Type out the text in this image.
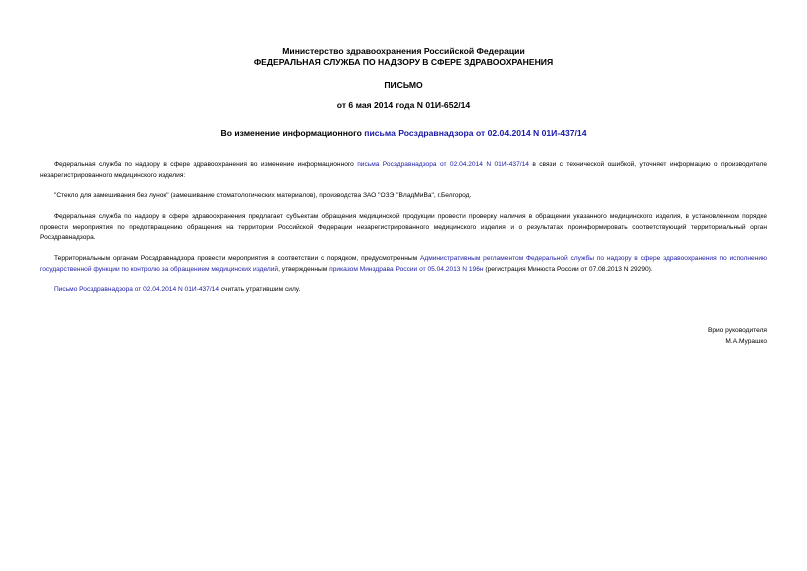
Министерство здравоохранения Российской Федерации
ФЕДЕРАЛЬНАЯ СЛУЖБА ПО НАДЗОРУ В СФЕРЕ ЗДРАВООХРАНЕНИЯ
ПИСЬМО
от 6 мая 2014 года N 01И-652/14
Во изменение информационного письма Росздравнадзора от 02.04.2014 N 01И-437/14

Федеральная служба по надзору в сфере здравоохранения во изменение информационного письма Росздравнадзора от 02.04.2014 N 01И-437/14 в связи с технической ошибкой, уточняет информацию о производителе незарегистрированного медицинского изделия:

"Стекло для замешивания без лунок" (замешивание стоматологических материалов), производства ЗАО "ОЗЭ "ВладМиВа", г.Белгород.

Федеральная служба по надзору в сфере здравоохранения предлагает субъектам обращения медицинской продукции провести проверку наличия в обращении указанного медицинского изделия, в установленном порядке провести мероприятия по предотвращению обращения на территории Российской Федерации незарегистрированного медицинского изделия и о результатах проинформировать соответствующий территориальный орган Росздравнадзора.

Территориальным органам Росздравнадзора провести мероприятия в соответствии с порядком, предусмотренным Административным регламентом Федеральной службы по надзору в сфере здравоохранения по исполнению государственной функции по контролю за обращением медицинских изделий, утвержденным приказом Минздрава России от 05.04.2013 N 196н (регистрация Минюста России от 07.08.2013 N 29290).

Письмо Росздравнадзора от 02.04.2014 N 01И-437/14 считать утратившим силу.

Врио руководителя
М.А.Мурашко
